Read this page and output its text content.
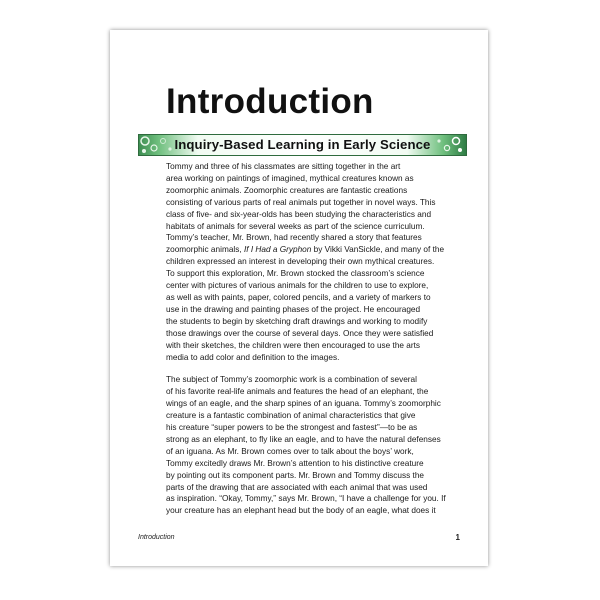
Introduction
Inquiry-Based Learning in Early Science

Tommy and three of his classmates are sitting together in the art
area working on paintings of imagined, mythical creatures known as
zoomorphic animals. Zoomorphic creatures are fantastic creations
consisting of various parts of real animals put together in novel ways. This
class of five- and six-year-olds has been studying the characteristics and
habitats of animals for several weeks as part of the science curriculum.
Tommy’s teacher, Mr. Brown, had recently shared a story that features
zoomorphic animals, If I Had a Gryphon by Vikki VanSickle, and many of the
children expressed an interest in developing their own mythical creatures.
To support this exploration, Mr. Brown stocked the classroom’s science
center with pictures of various animals for the children to use to explore,
as well as with paints, paper, colored pencils, and a variety of markers to
use in the drawing and painting phases of the project. He encouraged
the students to begin by sketching draft drawings and working to modify
those drawings over the course of several days. Once they were satisfied
with their sketches, the children were then encouraged to use the arts
media to add color and definition to the images.

The subject of Tommy’s zoomorphic work is a combination of several
of his favorite real-life animals and features the head of an elephant, the
wings of an eagle, and the sharp spines of an iguana. Tommy’s zoomorphic
creature is a fantastic combination of animal characteristics that give
his creature “super powers to be the strongest and fastest”—to be as
strong as an elephant, to fly like an eagle, and to have the natural defenses
of an iguana. As Mr. Brown comes over to talk about the boys’ work,
Tommy excitedly draws Mr. Brown’s attention to his distinctive creature
by pointing out its component parts. Mr. Brown and Tommy discuss the
parts of the drawing that are associated with each animal that was used
as inspiration. “Okay, Tommy,” says Mr. Brown, “I have a challenge for you. If
your creature has an elephant head but the body of an eagle, what does it

Introduction	1
